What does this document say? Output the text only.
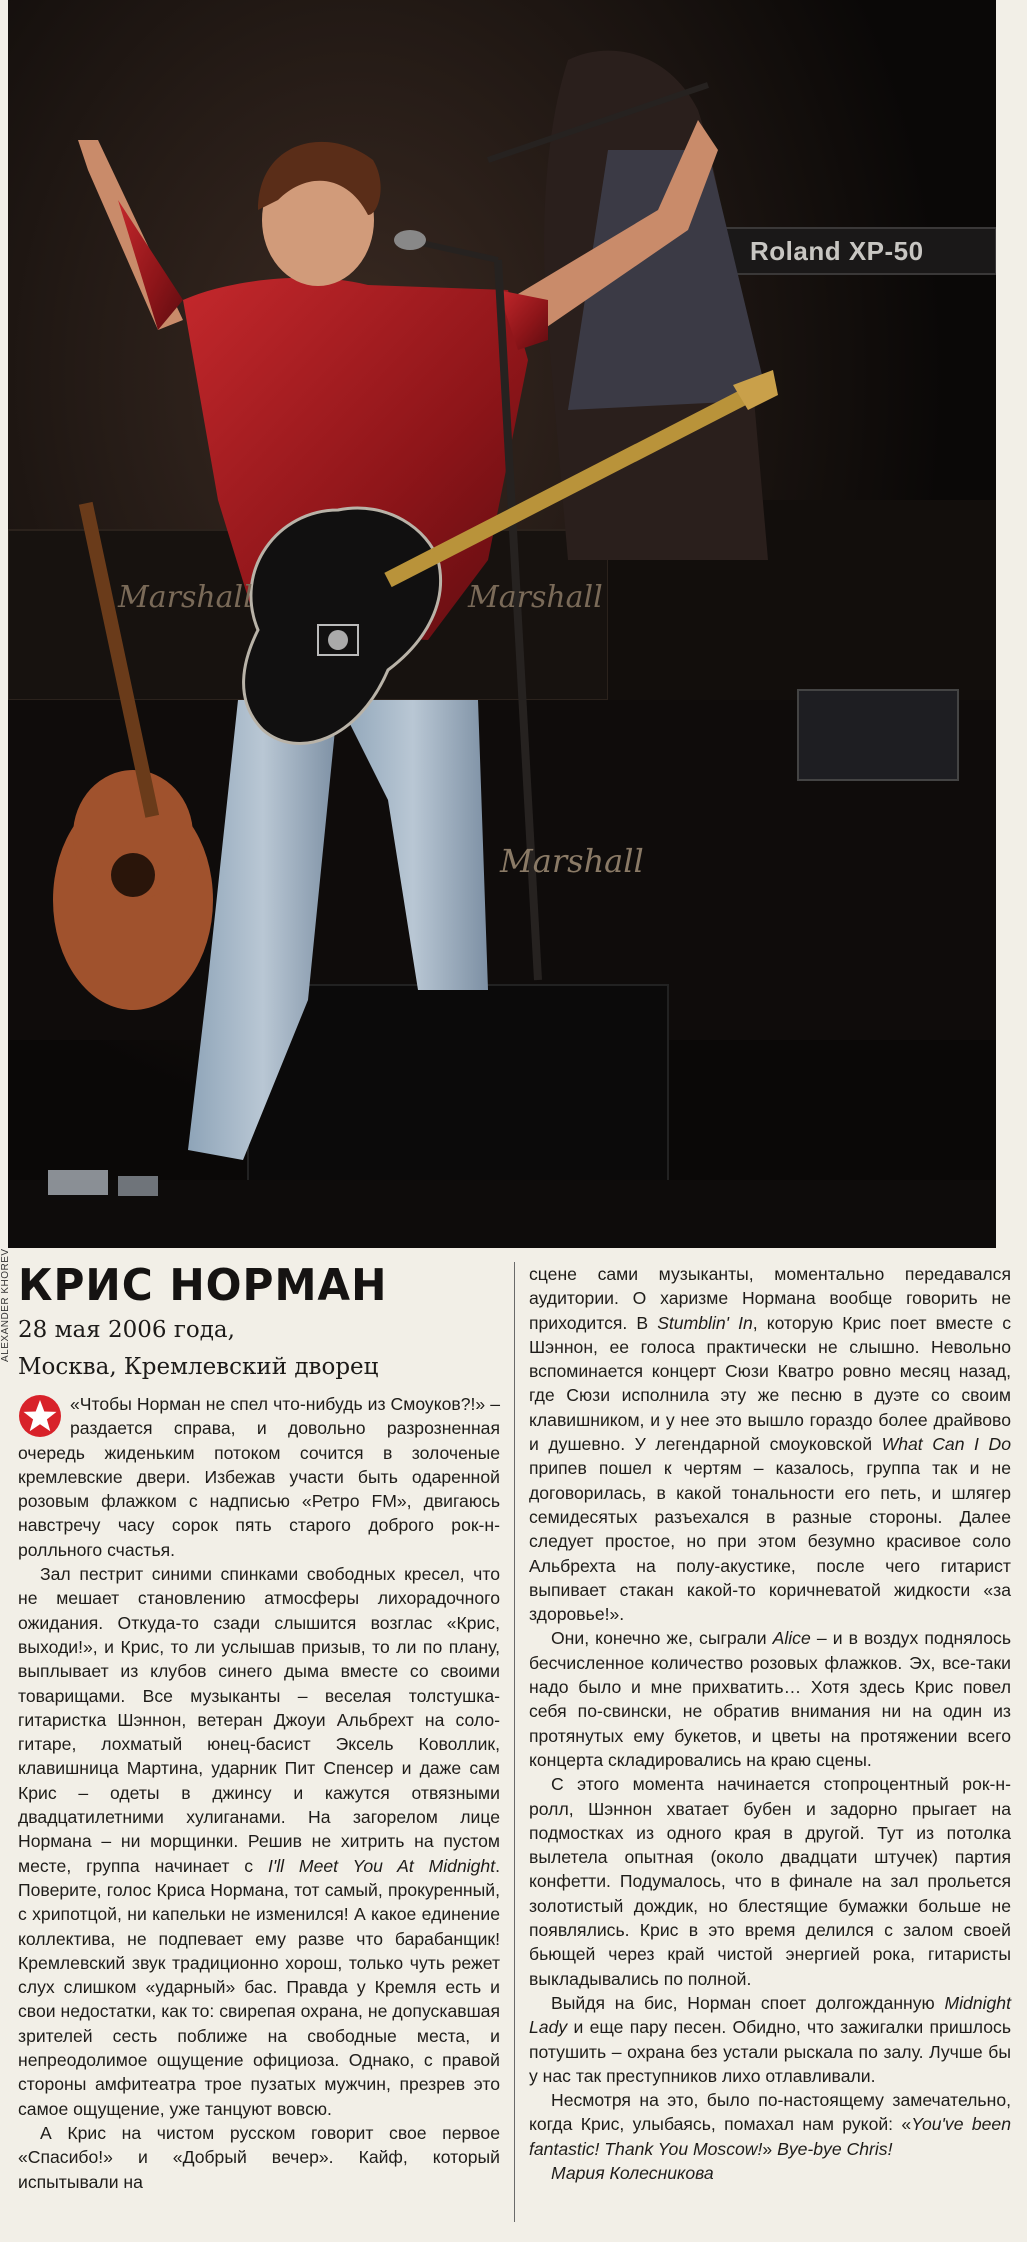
Roland XP-50
Marshall	Marshall
Marshall
ALEXANDER KHOREV КРИС НОРМАН
28 мая 2006 года,
Москва, Кремлевский дворец

«Чтобы Норман не спел что-нибудь из Смоуков?!» – раздается справа, и довольно разрозненная очередь жиденьким потоком сочится в золоченые кремлевские двери. Избежав участи быть одаренной розовым флажком с надписью «Ретро FM», двигаюсь навстречу часу сорок пять старого доброго рок-н-ролльного счастья.

Зал пестрит синими спинками свободных кресел, что не мешает становлению атмосферы лихорадочного ожидания. Откуда-то сзади слышится возглас «Крис, выходи!», и Крис, то ли услышав призыв, то ли по плану, выплывает из клубов синего дыма вместе со своими товарищами. Все музыканты – веселая толстушка-гитаристка Шэннон, ветеран Джоуи Альбрехт на соло-гитаре, лохматый юнец-басист Эксель Коволлик, клавишница Мартина, ударник Пит Спенсер и даже сам Крис – одеты в джинсу и кажутся отвязными двадцатилетними хулиганами. На загорелом лице Нормана – ни морщинки. Решив не хитрить на пустом месте, группа начинает с I'll Meet You At Midnight. Поверите, голос Криса Нормана, тот самый, прокуренный, с хрипотцой, ни капельки не изменился! А какое единение коллектива, не подпевает ему разве что барабанщик! Кремлевский звук традиционно хорош, только чуть режет слух слишком «ударный» бас. Правда у Кремля есть и свои недостатки, как то: свирепая охрана, не допускавшая зрителей сесть поближе на свободные места, и непреодолимое ощущение официоза. Однако, с правой стороны амфитеатра трое пузатых мужчин, презрев это самое ощущение, уже танцуют вовсю.

А Крис на чистом русском говорит свое первое «Спасибо!» и «Добрый вечер». Кайф, который испытывали на

сцене сами музыканты, моментально передавался аудитории. О харизме Нормана вообще говорить не приходится. В Stumblin' In, которую Крис поет вместе с Шэннон, ее голоса практически не слышно. Невольно вспоминается концерт Сюзи Кватро ровно месяц назад, где Сюзи исполнила эту же песню в дуэте со своим клавишником, и у нее это вышло гораздо более драйвово и душевно. У легендарной смоуковской What Can I Do припев пошел к чертям – казалось, группа так и не договорилась, в какой тональности его петь, и шлягер семидесятых разъехался в разные стороны. Далее следует простое, но при этом безумно красивое соло Альбрехта на полу-акустике, после чего гитарист выпивает стакан какой-то коричневатой жидкости «за здоровье!».

Они, конечно же, сыграли Alice – и в воздух поднялось бесчисленное количество розовых флажков. Эх, все-таки надо было и мне прихватить… Хотя здесь Крис повел себя по-свински, не обратив внимания ни на один из протянутых ему букетов, и цветы на протяжении всего концерта складировались на краю сцены.

С этого момента начинается стопроцентный рок-н-ролл, Шэннон хватает бубен и задорно прыгает на подмостках из одного края в другой. Тут из потолка вылетела опытная (около двадцати штучек) партия конфетти. Подумалось, что в финале на зал прольется золотистый дождик, но блестящие бумажки больше не появлялись. Крис в это время делился с залом своей бьющей через край чистой энергией рока, гитаристы выкладывались по полной.

Выйдя на бис, Норман споет долгожданную Midnight Lady и еще пару песен. Обидно, что зажигалки пришлось потушить – охрана без устали рыскала по залу. Лучше бы у нас так преступников лихо отлавливали.

Несмотря на это, было по-настоящему замечательно, когда Крис, улыбаясь, помахал нам рукой: «You've been fantastic! Thank You Moscow!» Bye-bye Chris!

Мария Колесникова
